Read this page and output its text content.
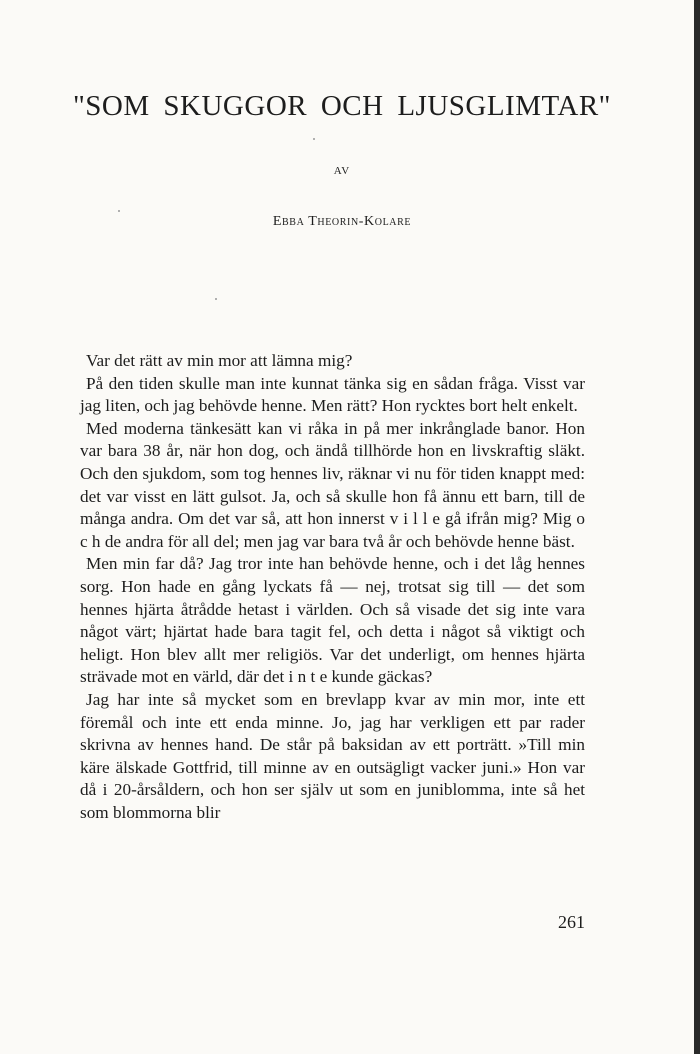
"SOM SKUGGOR OCH LJUSGLIMTAR"

AV

Ebba Theorin-Kolare

Var det rätt av min mor att lämna mig?

På den tiden skulle man inte kunnat tänka sig en sådan fråga. Visst var jag liten, och jag behövde henne. Men rätt? Hon rycktes bort helt enkelt.

Med moderna tänkesätt kan vi råka in på mer inkrånglade banor. Hon var bara 38 år, när hon dog, och ändå tillhörde hon en livskraftig släkt. Och den sjukdom, som tog hennes liv, räknar vi nu för tiden knappt med: det var visst en lätt gulsot. Ja, och så skulle hon få ännu ett barn, till de många andra. Om det var så, att hon innerst v i l l e gå ifrån mig? Mig o c h de andra för all del; men jag var bara två år och behövde henne bäst.

Men min far då? Jag tror inte han behövde henne, och i det låg hennes sorg. Hon hade en gång lyckats få — nej, trotsat sig till — det som hennes hjärta åtrådde hetast i världen. Och så visade det sig inte vara något värt; hjärtat hade bara tagit fel, och detta i något så viktigt och heligt. Hon blev allt mer religiös. Var det underligt, om hennes hjärta strävade mot en värld, där det i n t e kunde gäckas?

Jag har inte så mycket som en brevlapp kvar av min mor, inte ett föremål och inte ett enda minne. Jo, jag har verkligen ett par rader skrivna av hennes hand. De står på baksidan av ett porträtt. »Till min käre älskade Gottfrid, till minne av en outsägligt vacker juni.» Hon var då i 20-årsåldern, och hon ser själv ut som en juniblomma, inte så het som blommorna blir

261
